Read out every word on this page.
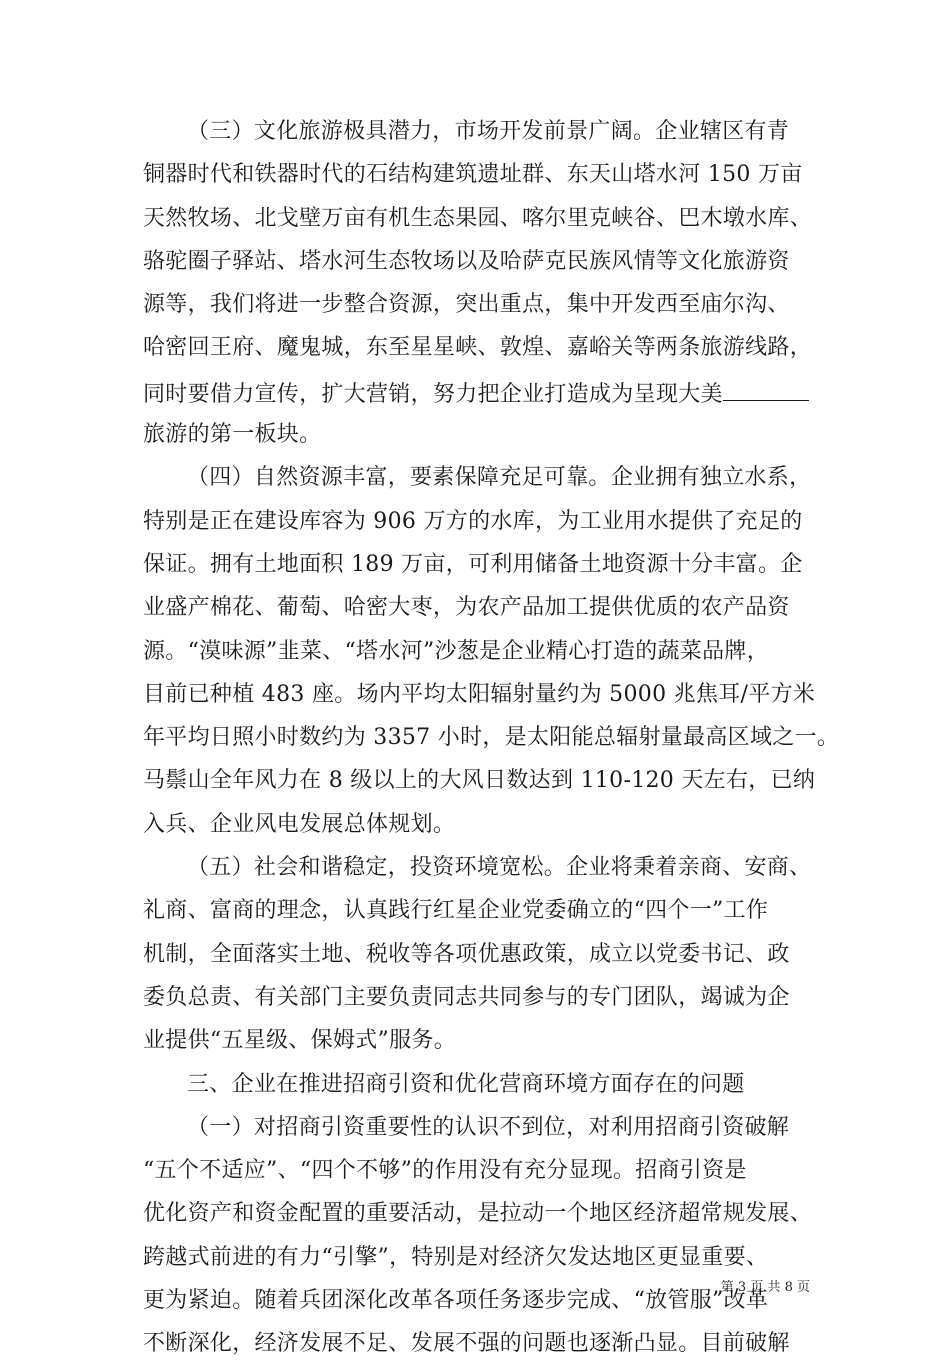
（三）文化旅游极具潜力，市场开发前景广阔。企业辖区有青
铜器时代和铁器时代的石结构建筑遗址群、东天山塔水河 150 万亩
天然牧场、北戈壁万亩有机生态果园、喀尔里克峡谷、巴木墩水库、
骆驼圈子驿站、塔水河生态牧场以及哈萨克民族风情等文化旅游资
源等，我们将进一步整合资源，突出重点，集中开发西至庙尔沟、
哈密回王府、魔鬼城，东至星星峡、敦煌、嘉峪关等两条旅游线路，
同时要借力宣传，扩大营销，努力把企业打造成为呈现大美
旅游的第一板块。
（四）自然资源丰富，要素保障充足可靠。企业拥有独立水系，
特别是正在建设库容为 906 万方的水库，为工业用水提供了充足的
保证。拥有土地面积 189 万亩，可利用储备土地资源十分丰富。企
业盛产棉花、葡萄、哈密大枣，为农产品加工提供优质的农产品资
源。“漠味源”韭菜、“塔水河”沙葱是企业精心打造的蔬菜品牌，
目前已种植 483 座。场内平均太阳辐射量约为 5000 兆焦耳/平方米
年平均日照小时数约为 3357 小时，是太阳能总辐射量最高区域之一。
马鬃山全年风力在 8 级以上的大风日数达到 110-120 天左右，已纳
入兵、企业风电发展总体规划。
（五）社会和谐稳定，投资环境宽松。企业将秉着亲商、安商、
礼商、富商的理念，认真践行红星企业党委确立的“四个一”工作
机制，全面落实土地、税收等各项优惠政策，成立以党委书记、政
委负总责、有关部门主要负责同志共同参与的专门团队，竭诚为企
业提供“五星级、保姆式”服务。
三、企业在推进招商引资和优化营商环境方面存在的问题
（一）对招商引资重要性的认识不到位，对利用招商引资破解
“五个不适应”、“四个不够”的作用没有充分显现。招商引资是
优化资产和资金配置的重要活动，是拉动一个地区经济超常规发展、
跨越式前进的有力“引擎”，特别是对经济欠发达地区更显重要、
更为紧迫。随着兵团深化改革各项任务逐步完成、“放管服”改革
不断深化，经济发展不足、发展不强的问题也逐渐凸显。目前破解
第 3 页 共 8 页
